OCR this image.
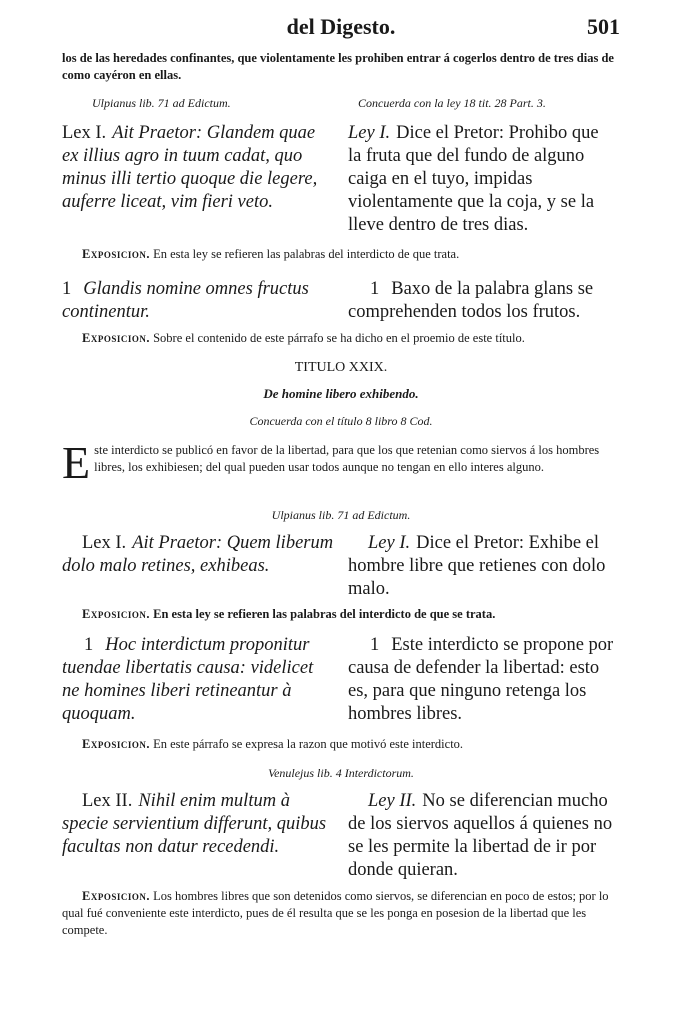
del Digesto.	501
los de las heredades confinantes, que violentamente les prohiben entrar á cogerlos dentro de tres dias de como cayéron en ellas.
Ulpianus lib. 71 ad Edictum.	Concuerda con la ley 18 tit. 28 Part. 3.
Lex I. Ait Praetor: Glandem quae ex illius agro in tuum cadat, quo minus illi tertio quoque die legere, auferre liceat, vim fieri veto.
Ley I. Dice el Pretor: Prohibo que la fruta que del fundo de alguno caiga en el tuyo, impidas violentamente que la coja, y se la lleve dentro de tres dias.
Exposicion. En esta ley se refieren las palabras del interdicto de que trata.
1 Glandis nomine omnes fructus continentur.
1 Baxo de la palabra glans se comprehenden todos los frutos.
Exposicion. Sobre el contenido de este párrafo se ha dicho en el proemio de este título.
TITULO XXIX.
De homine libero exhibendo.
Concuerda con el título 8 libro 8 Cod.
E ste interdicto se publicó en favor de la libertad, para que los que retenian como siervos á los hombres libres, los exhibiesen; del qual pueden usar todos aunque no tengan en ello interes alguno.
Ulpianus lib. 71 ad Edictum.
Lex I. Ait Praetor: Quem liberum dolo malo retines, exhibeas.
Ley I. Dice el Pretor: Exhibe el hombre libre que retienes con dolo malo.
Exposicion. En esta ley se refieren las palabras del interdicto de que se trata.
1 Hoc interdictum proponitur tuendae libertatis causa: videlicet ne homines liberi retineantur à quoquam.
1 Este interdicto se propone por causa de defender la libertad: esto es, para que ninguno retenga los hombres libres.
Exposicion. En este párrafo se expresa la razon que motivó este interdicto.
Venulejus lib. 4 Interdictorum.
Lex II. Nihil enim multum à specie servientium differunt, quibus facultas non datur recedendi.
Ley II. No se diferencian mucho de los siervos aquellos á quienes no se les permite la libertad de ir por donde quieran.
Exposicion. Los hombres libres que son detenidos como siervos, se diferencian en poco de estos; por lo qual fué conveniente este interdicto, pues de él resulta que se les ponga en posesion de la libertad que les compete.
